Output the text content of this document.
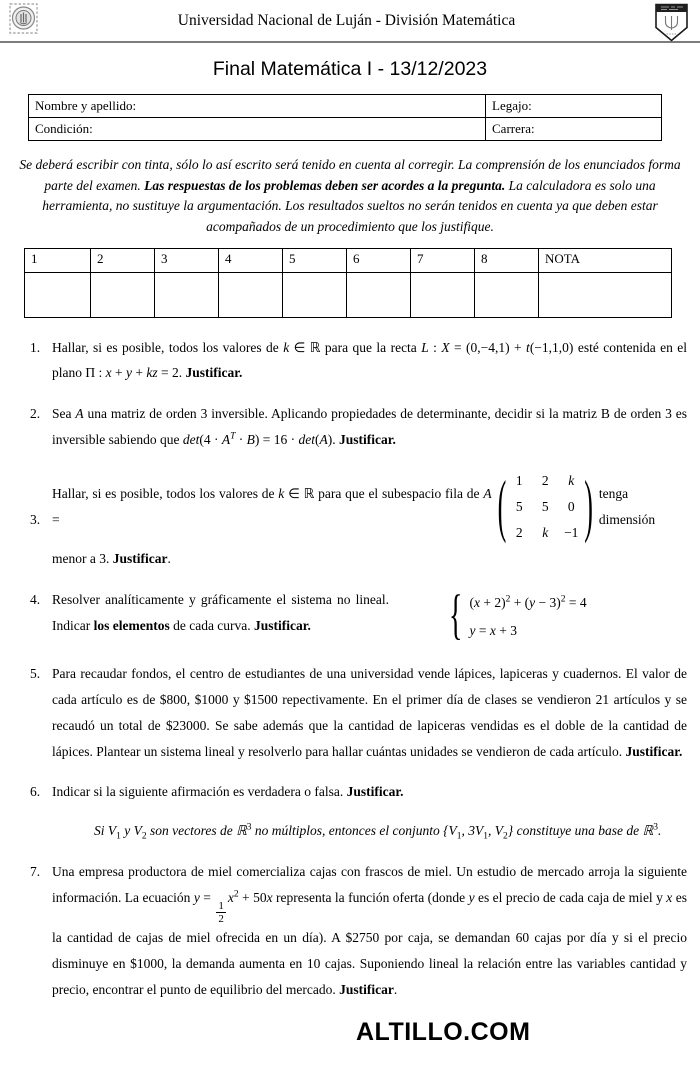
Universidad Nacional de Luján - División Matemática
Final Matemática I - 13/12/2023
Nombre y apellido:	Legajo:
Condición:	Carrera:
Se deberá escribir con tinta, sólo lo así escrito será tenido en cuenta al corregir. La comprensión de los enunciados forma parte del examen. Las respuestas de los problemas deben ser acordes a la pregunta. La calculadora es solo una herramienta, no sustituye la argumentación. Los resultados sueltos no serán tenidos en cuenta ya que deben estar acompañados de un procedimiento que los justifique.
1	2	3	4	5	6	7	8	NOTA

1. Hallar, si es posible, todos los valores de k ∈ ℝ para que la recta L : X = (0,−4,1) + t(−1,1,0) esté contenida en el plano Π : x + y + kz = 2. Justificar.
2. Sea A una matriz de orden 3 inversible. Aplicando propiedades de determinante, decidir si la matriz B de orden 3 es inversible sabiendo que $\det(4 \cdot A^T \cdot B) = 16 \cdot \det(A)$. Justificar.
3.
Hallar, si es posible, todos los valores de k ∈ ℝ para que el subespacio fila de A =	( 1	2	k
5	5	0
2	k	−1 ) tenga dimensión
menor a 3. Justificar.
4. Resolver analíticamente y gráficamente el sistema no lineal. Indicar los elementos de cada curva. Justificar.	{ $(x + 2)^2 + (y - 3)^2 = 4$
y = x + 3
5. Para recaudar fondos, el centro de estudiantes de una universidad vende lápices, lapiceras y cuadernos. El valor de cada artículo es de $800, $1000 y $1500 repectivamente. En el primer día de clases se vendieron 21 artículos y se recaudó un total de $23000. Se sabe además que la cantidad de lapiceras vendidas es el doble de la cantidad de lápices. Plantear un sistema lineal y resolverlo para hallar cuántas unidades se vendieron de cada artículo. Justificar.
6. Indicar si la siguiente afirmación es verdadera o falsa. Justificar.
Si $V_1$ y $V_2$ son vectores de ℝ$^3$ no múltiplos, entonces el conjunto {$V_1$, $3V_1$, $V_2$} constituye una base de ℝ$^3$.
7. Una empresa productora de miel comercializa cajas con frascos de miel. Un estudio de mercado arroja la siguiente información. La ecuación y =
$\frac{1}{2}$
$x^2 + 50x$ representa la función oferta (donde y es el precio de cada caja de miel y x es la cantidad de cajas de miel ofrecida en un día). A $2750 por caja, se demandan 60 cajas por día y si el precio disminuye en $1000, la demanda aumenta en 10 cajas. Suponiendo lineal la relación entre las variables cantidad y precio, encontrar el punto de equilibrio del mercado. Justificar.
ALTILLO.COM
